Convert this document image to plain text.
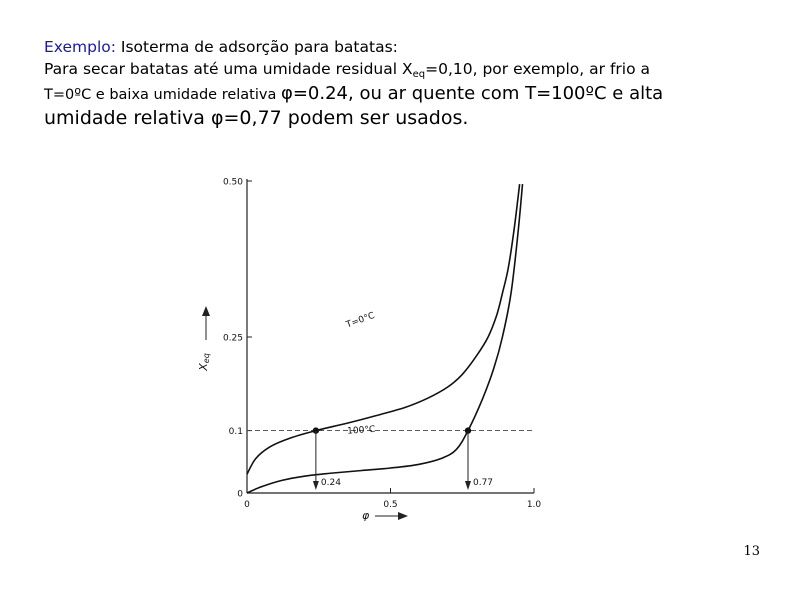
Exemplo: Isoterma de adsorção para batatas:
Para secar batatas até uma umidade residual $X_{eq}=0,10$, por exemplo, ar frio a
T=0ºC e baixa umidade relativa φ=0.24, ou ar quente com T=100ºC e alta
umidade relativa φ=0,77 podem ser usados.
0
0.1
0.25
0.50
0	0.5	1.0
Xeq
φ
T=0°C
100°C
0.24	0.77
13
